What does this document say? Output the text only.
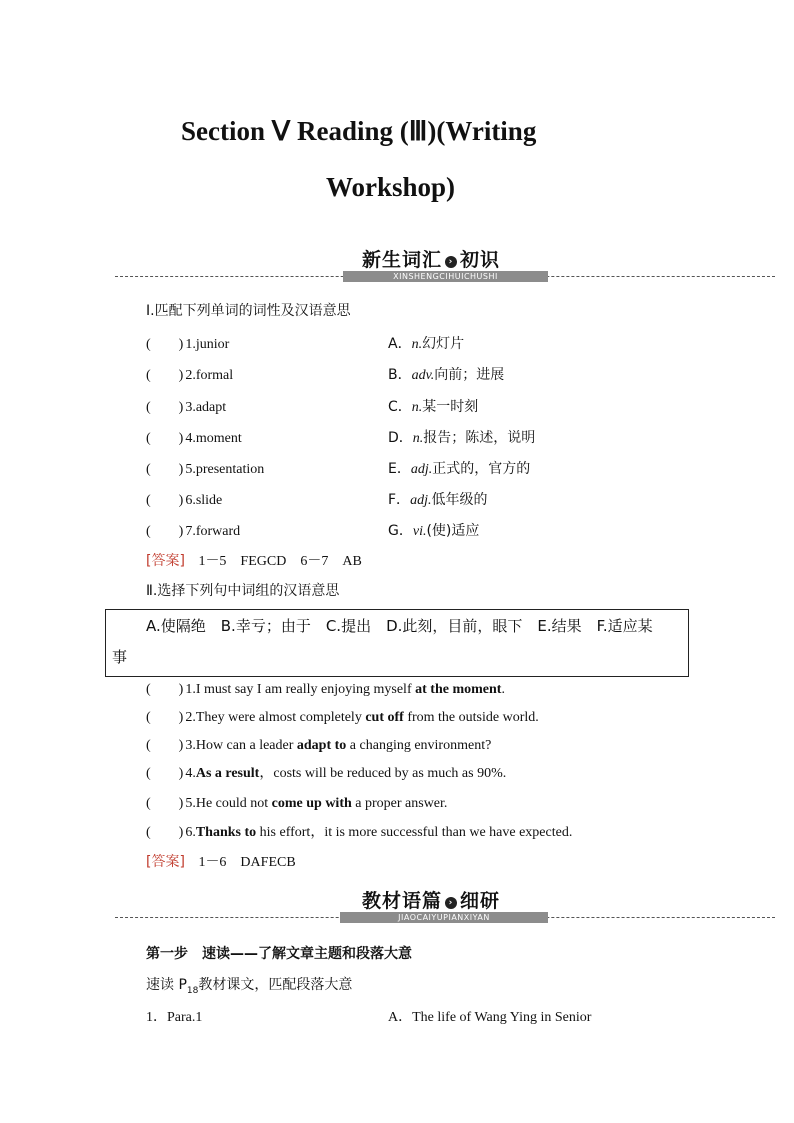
Section Ⅴ Reading (Ⅲ)(Writing
Workshop)
新生词汇 › 初识
XINSHENGCIHUICHUSHI
Ⅰ.匹配下列单词的词性及汉语意思
(　　) 1.junior	A．n.幻灯片
(　　) 2.formal	B．adv.向前；进展
(　　) 3.adapt	C．n.某一时刻
(　　) 4.moment	D．n.报告；陈述，说明
(　　) 5.presentation	E．adj.正式的，官方的
(　　) 6.slide	F．adj.低年级的
(　　) 7.forward	G．vi.(使)适应
[答案] 1－5　FEGCD　6－7　AB
Ⅱ.选择下列句中词组的汉语意思
A.使隔绝　B.幸亏；由于　C.提出　D.此刻，目前，眼下　E.结果　F.适应某
事
(　　) 1.I must say I am really enjoying myself at the moment.
(　　) 2.They were almost completely cut off from the outside world.
(　　) 3.How can a leader adapt to a changing environment?
(　　) 4.As a result，costs will be reduced by as much as 90%.
(　　) 5.He could not come up with a proper answer.
(　　) 6.Thanks to his effort，it is more successful than we have expected.
[答案] 1－6　DAFECB
教材语篇 › 细研
JIAOCAIYUPIANXIYAN
第一步　速读——了解文章主题和段落大意
速读 $P_{18}$教材课文，匹配段落大意
1．Para.1	A．The life of Wang Ying in Senior
